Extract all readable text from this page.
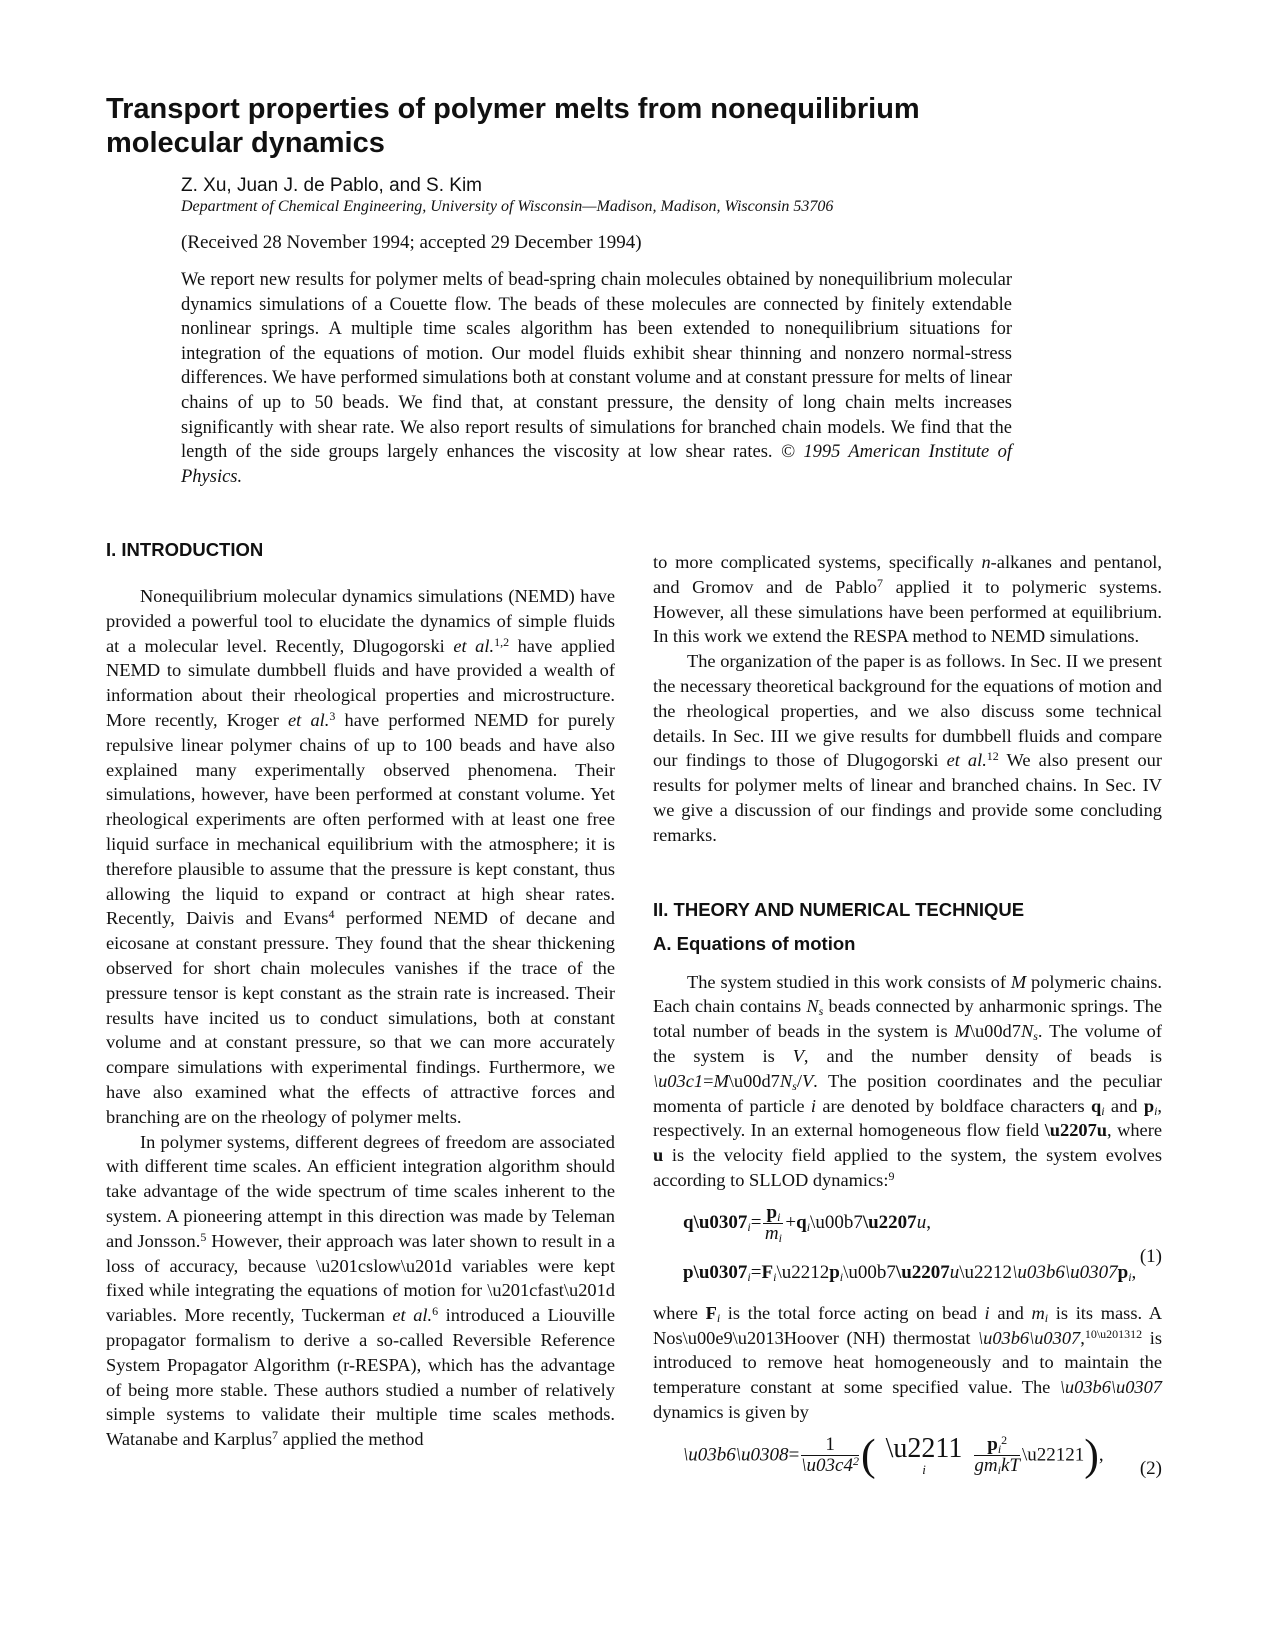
Transport properties of polymer melts from nonequilibrium molecular dynamics
Z. Xu, Juan J. de Pablo, and S. Kim
Department of Chemical Engineering, University of Wisconsin—Madison, Madison, Wisconsin 53706
(Received 28 November 1994; accepted 29 December 1994)

We report new results for polymer melts of bead-spring chain molecules obtained by nonequilibrium molecular dynamics simulations of a Couette flow. The beads of these molecules are connected by finitely extendable nonlinear springs. A multiple time scales algorithm has been extended to nonequilibrium situations for integration of the equations of motion. Our model fluids exhibit shear thinning and nonzero normal-stress differences. We have performed simulations both at constant volume and at constant pressure for melts of linear chains of up to 50 beads. We find that, at constant pressure, the density of long chain melts increases significantly with shear rate. We also report results of simulations for branched chain models. We find that the length of the side groups largely enhances the viscosity at low shear rates. © 1995 American Institute of Physics.

I. INTRODUCTION

Nonequilibrium molecular dynamics simulations (NEMD) have provided a powerful tool to elucidate the dynamics of simple fluids at a molecular level. Recently, Dlugogorski et al.$^{1,2}$ have applied NEMD to simulate dumbbell fluids and have provided a wealth of information about their rheological properties and microstructure. More recently, Kroger et al.$^3$ have performed NEMD for purely repulsive linear polymer chains of up to 100 beads and have also explained many experimentally observed phenomena. Their simulations, however, have been performed at constant volume. Yet rheological experiments are often performed with at least one free liquid surface in mechanical equilibrium with the atmosphere; it is therefore plausible to assume that the pressure is kept constant, thus allowing the liquid to expand or contract at high shear rates. Recently, Daivis and Evans$^4$ performed NEMD of decane and eicosane at constant pressure. They found that the shear thickening observed for short chain molecules vanishes if the trace of the pressure tensor is kept constant as the strain rate is increased. Their results have incited us to conduct simulations, both at constant volume and at constant pressure, so that we can more accurately compare simulations with experimental findings. Furthermore, we have also examined what the effects of attractive forces and branching are on the rheology of polymer melts.

In polymer systems, different degrees of freedom are associated with different time scales. An efficient integration algorithm should take advantage of the wide spectrum of time scales inherent to the system. A pioneering attempt in this direction was made by Teleman and Jonsson.$^5$ However, their approach was later shown to result in a loss of accuracy, because \u201cslow\u201d variables were kept fixed while integrating the equations of motion for \u201cfast\u201d variables. More recently, Tuckerman et al.$^6$ introduced a Liouville propagator formalism to derive a so-called Reversible Reference System Propagator Algorithm (r-RESPA), which has the advantage of being more stable. These authors studied a number of relatively simple systems to validate their multiple time scales methods. Watanabe and Karplus$^7$ applied the method

to more complicated systems, specifically n-alkanes and pentanol, and Gromov and de Pablo$^7$ applied it to polymeric systems. However, all these simulations have been performed at equilibrium. In this work we extend the RESPA method to NEMD simulations.

The organization of the paper is as follows. In Sec. II we present the necessary theoretical background for the equations of motion and the rheological properties, and we also discuss some technical details. In Sec. III we give results for dumbbell fluids and compare our findings to those of Dlugogorski et al.$^{12}$ We also present our results for polymer melts of linear and branched chains. In Sec. IV we give a discussion of our findings and provide some concluding remarks.

II. THEORY AND NUMERICAL TECHNIQUE
A. Equations of motion

The system studied in this work consists of M polymeric chains. Each chain contains $N_s$ beads connected by anharmonic springs. The total number of beads in the system is $M\backslash u00d7N_s$. The volume of the system is V, and the number density of beads is $\backslash u03c1=M\backslash u00d7N_s/V$. The position coordinates and the peculiar momenta of particle i are denoted by boldface characters $q_i$ and $p_i$, respectively. In an external homogeneous flow field \u2207u, where u is the velocity field applied to the system, the system evolves according to SLLOD dynamics:$^9$

$q\backslash u0307_i= \frac{p_i}{m_i}$ $+q_i\backslash u00b7\backslash u2207u$,
$p\backslash u0307_i=F_i\backslash u2212p_i\backslash u00b7\backslash u2207u\backslash u2212\backslash u03b6\backslash u0307p_i$,
(1)

where $F_i$ is the total force acting on bead i and $m_i$ is its mass. A Nos\u00e9\u2013Hoover (NH) thermostat \u03b6\u0307,$^{10\backslash u201312}$ is introduced to remove heat homogeneously and to maintain the temperature constant at some specified value. The \u03b6\u0307 dynamics is given by

\u03b6\u0308= $\frac{1}{\backslash u03c4^2}$ ( \u2211
i	$\frac{p_i^2}{gm_ikT}$ \u22121),
(2)
